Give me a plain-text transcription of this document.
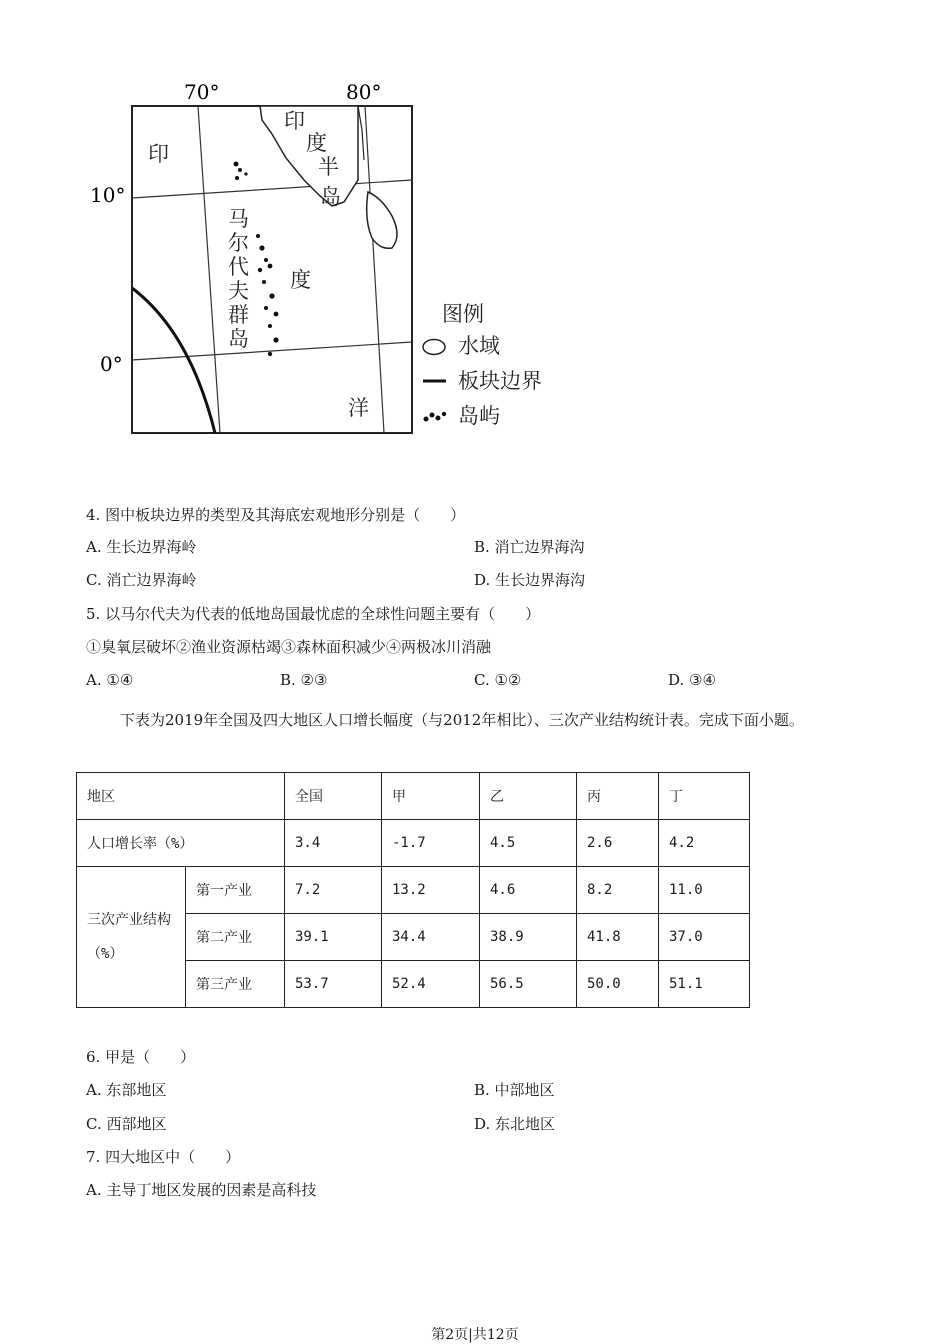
70°	80°
10°
0°
印
印
度
半
岛
马
尔
代
夫
群
岛
度
洋
图例
水域
板块边界
岛屿
4. 图中板块边界的类型及其海底宏观地形分别是（　　）
A. 生长边界海岭	B. 消亡边界海沟
C. 消亡边界海岭	D. 生长边界海沟
5. 以马尔代夫为代表的低地岛国最忧虑的全球性问题主要有（　　）
①臭氧层破坏②渔业资源枯竭③森林面积减少④两极冰川消融
A. ①④	B. ②③	C. ①②	D. ③④
下表为2019年全国及四大地区人口增长幅度（与2012年相比）、三次产业结构统计表。完成下面小题。
地区		全国	甲	乙	丙	丁
人口增长率（%）		3.4	-1.7	4.5	2.6	4.2
三次产业结构（%）	第一产业	7.2	13.2	4.6	8.2	11.0
	第二产业	39.1	34.4	38.9	41.8	37.0
	第三产业	53.7	52.4	56.5	50.0	51.1
6. 甲是（　　）
A. 东部地区	B. 中部地区
C. 西部地区	D. 东北地区
7. 四大地区中（　　）
A. 主导丁地区发展的因素是高科技
第2页|共12页
